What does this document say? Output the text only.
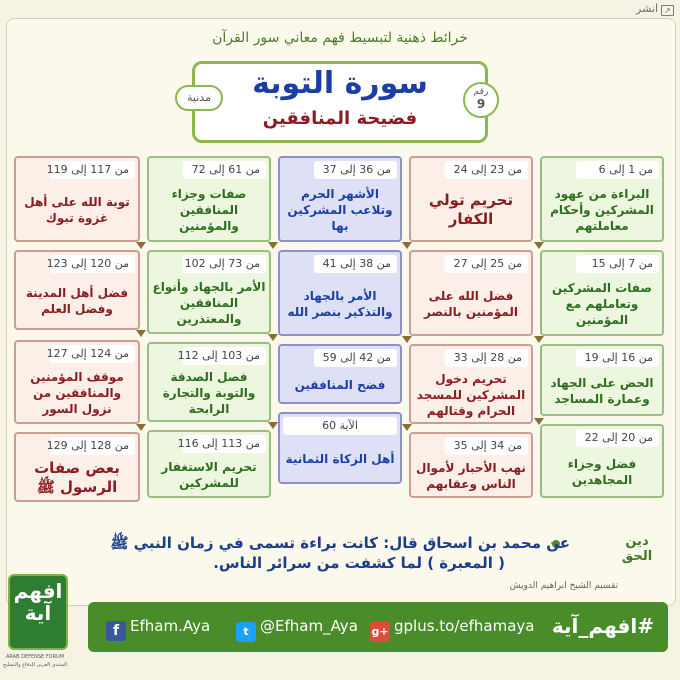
↗انشر
خرائط ذهنية لتبسيط فهم معاني سور القرآن
سورة التوبة
فضيحة المنافقين
رقم
9
مدنية
من 1 إلى 6
البراءة من عهود المشركين وأحكام معاملتهم
من 7 إلى 15
صفات المشركين وتعاملهم مع المؤمنين
من 16 إلى 19
الحض على الجهاد وعمارة المساجد
من 20 إلى 22
فضل وجزاء المجاهدين
من 23 إلى 24
تحريم تولي الكفار
من 25 إلى 27
فضل الله على المؤمنين بالنصر
من 28 إلى 33
تحريم دخول المشركين للمسجد الحرام وقتالهم
من 34 إلى 35
نهب الأحبار لأموال الناس وعقابهم
من 36 إلى 37
الأشهر الحرم وتلاعب المشركين بها
من 38 إلى 41
الأمر بالجهاد والتذكير بنصر الله
من 42 إلى 59
فضح المنافقين
الآية 60
أهل الزكاة الثمانية
من 61 إلى 72
صفات وجزاء المنافقين والمؤمنين
من 73 إلى 102
الأمر بالجهاد وأنواع المنافقين والمعتذرين
من 103 إلى 112
فصل الصدقة والتوبة والتجارة الرابحة
من 113 إلى 116
تحريم الاستغفار للمشركين
من 117 إلى 119
توبة الله على أهل غزوة تبوك
من 120 إلى 123
فضل أهل المدينة وفضل العلم
من 124 إلى 127
موقف المؤمنين والمنافقين من نزول السور
من 128 إلى 129
بعض صفات الرسول ﷺ
عن محمد بن اسحاق قال: كانت براءة تسمى في زمان النبي ﷺ
( المعبرة ) لما كشفت من سرائر الناس.
تقسيم الشيخ ابراهيم الدويش
دين الحق
افهم آية
ARAB DEFENSE FORUM
المنتدى العربي للدفاع والتسليح
f Efham.Aya	t @Efham_Aya g+ gplus.to/efhamaya #افهم_آية
